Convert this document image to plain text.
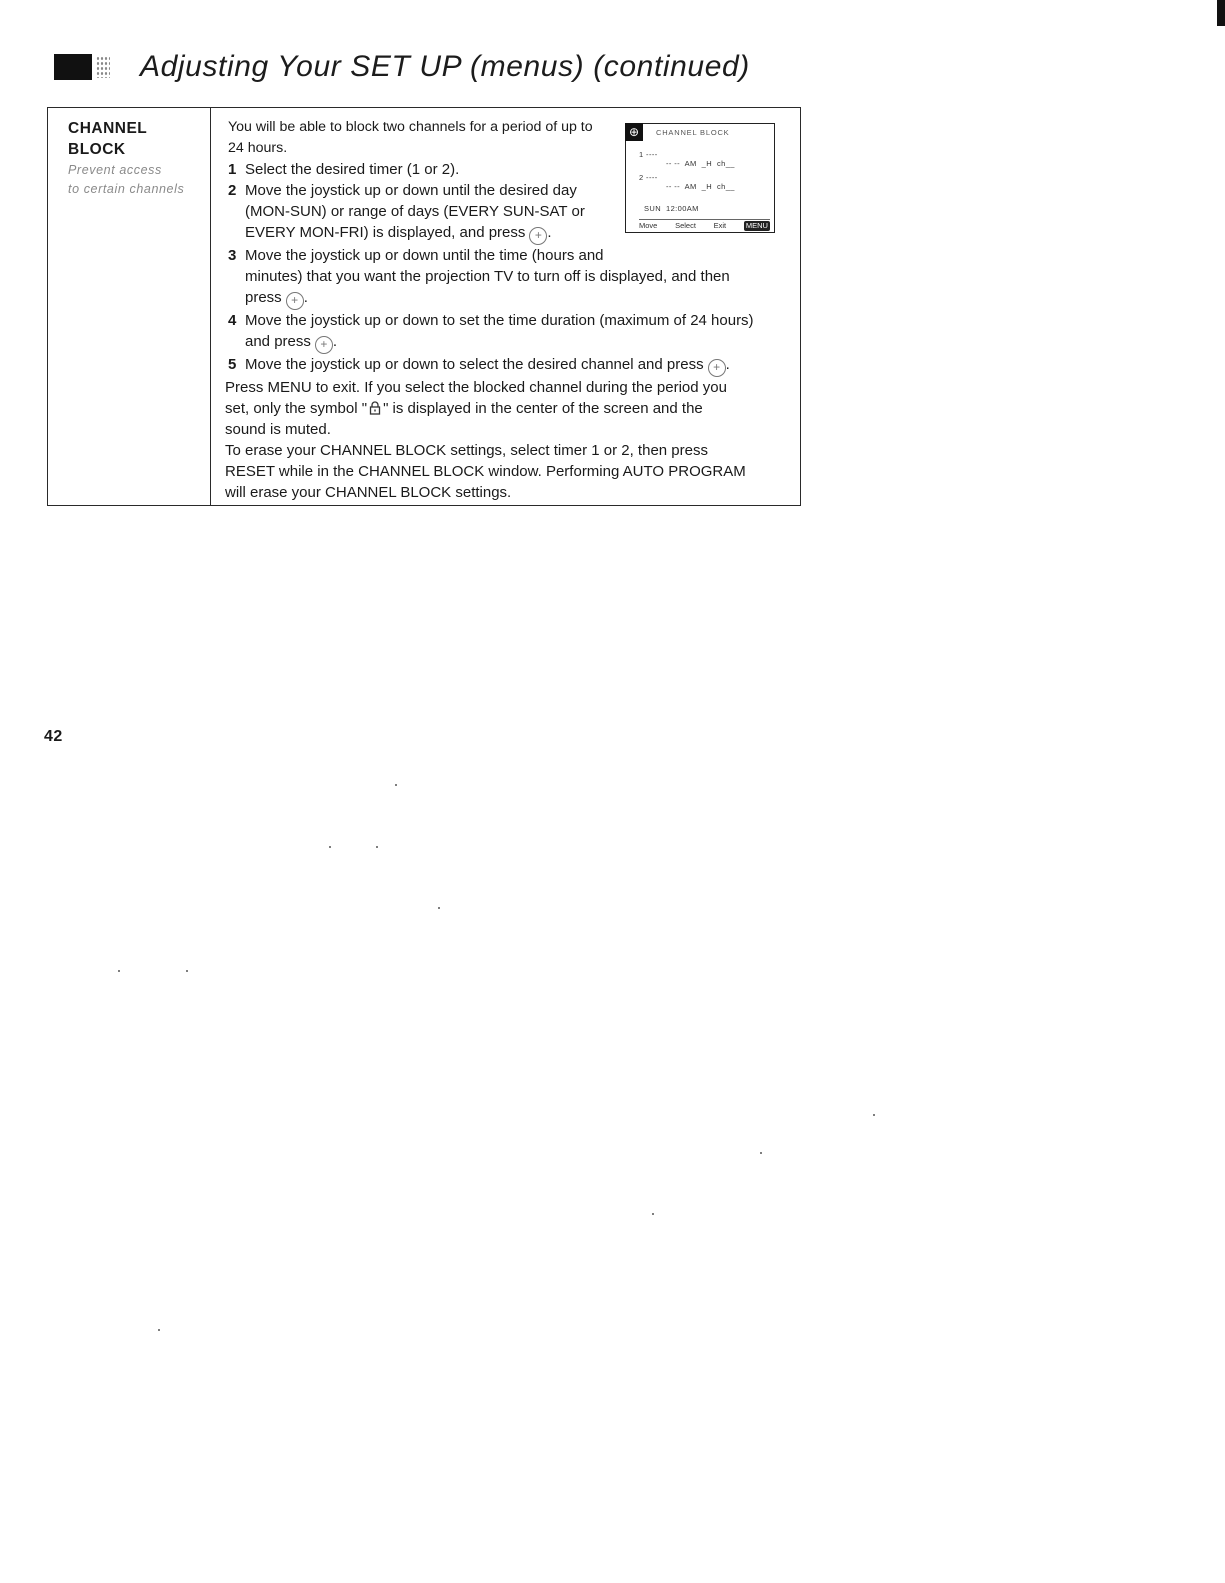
Adjusting Your SET UP (menus) (continued)
CHANNEL
BLOCK
Prevent access
to certain channels
You will be able to block two channels for a period of up to
24 hours.
1 Select the desired timer (1 or 2).
2 Move the joystick up or down until the desired day
(MON-SUN) or range of days (EVERY SUN-SAT or
EVERY MON-FRI) is displayed, and press + .
3 Move the joystick up or down until the time (hours and
minutes) that you want the projection TV to turn off is displayed, and then
press + .
4 Move the joystick up or down to set the time duration (maximum of 24 hours)
and press + .
5 Move the joystick up or down to select the desired channel and press + .
Press MENU to exit. If you select the blocked channel during the period you
set, only the symbol " " is displayed in the center of the screen and the
sound is muted.
To erase your CHANNEL BLOCK settings, select timer 1 or 2, then press
RESET while in the CHANNEL BLOCK window. Performing AUTO PROGRAM
will erase your CHANNEL BLOCK settings.
⊕	CHANNEL BLOCK
1 ----
-- --  AM  _H  ch__
2 ----
-- --  AM  _H  ch__
SUN  12:00AM
Move Select Exit	MENU
42
